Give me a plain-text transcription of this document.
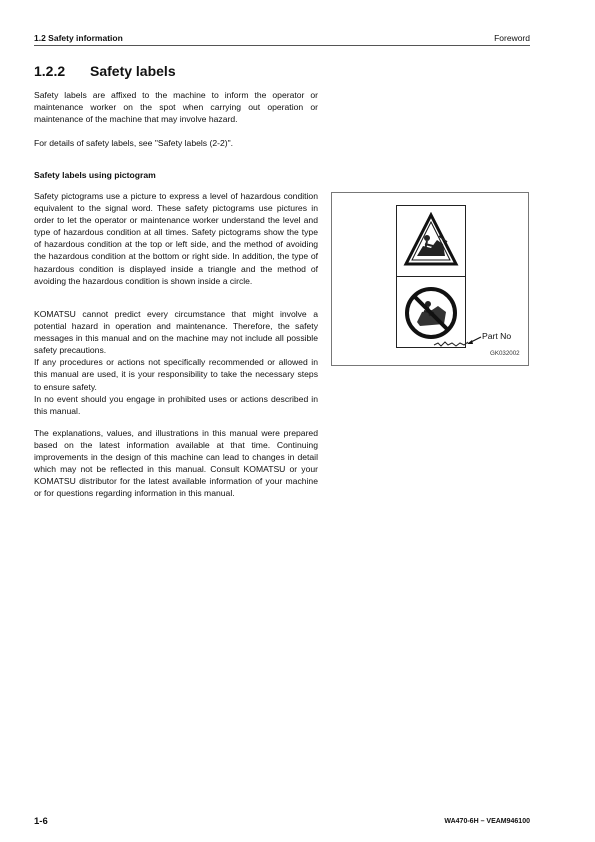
1.2 Safety information	Foreword
1.2.2 Safety labels

Safety labels are affixed to the machine to inform the operator or maintenance worker on the spot when carrying out operation or maintenance of the machine that may involve hazard.

For details of safety labels, see "Safety labels (2-2)".

Safety labels using pictogram

Safety pictograms use a picture to express a level of hazardous condition equivalent to the signal word. These safety pictograms use pictures in order to let the operator or maintenance worker understand the level and type of hazardous condition at all times. Safety pictograms show the type of hazardous condition at the top or left side, and the method of avoiding the hazardous condition at the bottom or right side. In addition, the type of hazardous condition is displayed inside a triangle and the method of avoiding the hazardous condition is shown inside a circle.

KOMATSU cannot predict every circumstance that might involve a potential hazard in operation and maintenance. Therefore, the safety messages in this manual and on the machine may not include all possible safety precautions.
If any procedures or actions not specifically recommended or allowed in this manual are used, it is your responsibility to take the necessary steps to ensure safety.
In no event should you engage in prohibited uses or actions described in this manual.

The explanations, values, and illustrations in this manual were prepared based on the latest information available at that time. Continuing improvements in the design of this machine can lead to changes in detail which may not be reflected in this manual. Consult KOMATSU or your KOMATSU distributor for the latest available information of your machine or for questions regarding information in this manual.

Part No
GK032002
1-6	WA470-6H – VEAM946100
